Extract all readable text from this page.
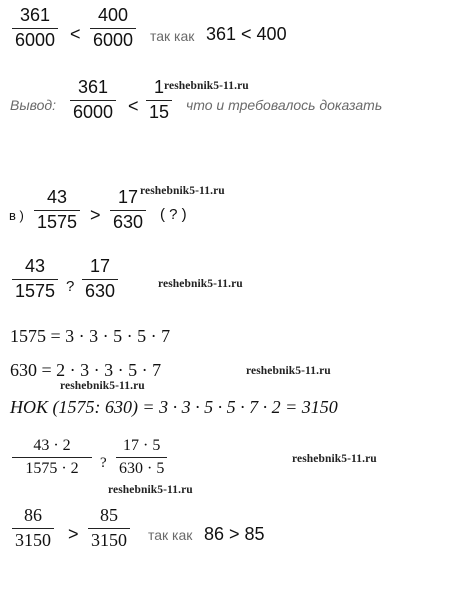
361
6000 <
400
6000 так как 361 < 400
Вывод:
361
6000 <
1
15 что и требовалось доказать
в )
43
1575 >
17
630 ( ? )
43
1575 ?
17
630
1575 = 3 · 3 · 5 · 5 · 7
630 = 2 · 3 · 3 · 5 · 7
НОК (1575: 630) = 3 · 3 · 5 · 5 · 7 · 2 = 3150
43 · 2
1575 · 2 ?
17 · 5
630 · 5
86
3150 >
85
3150 так как 86 > 85
reshebnik5-11.ru
reshebnik5-11.ru
reshebnik5-11.ru
reshebnik5-11.ru
reshebnik5-11.ru
reshebnik5-11.ru
reshebnik5-11.ru
